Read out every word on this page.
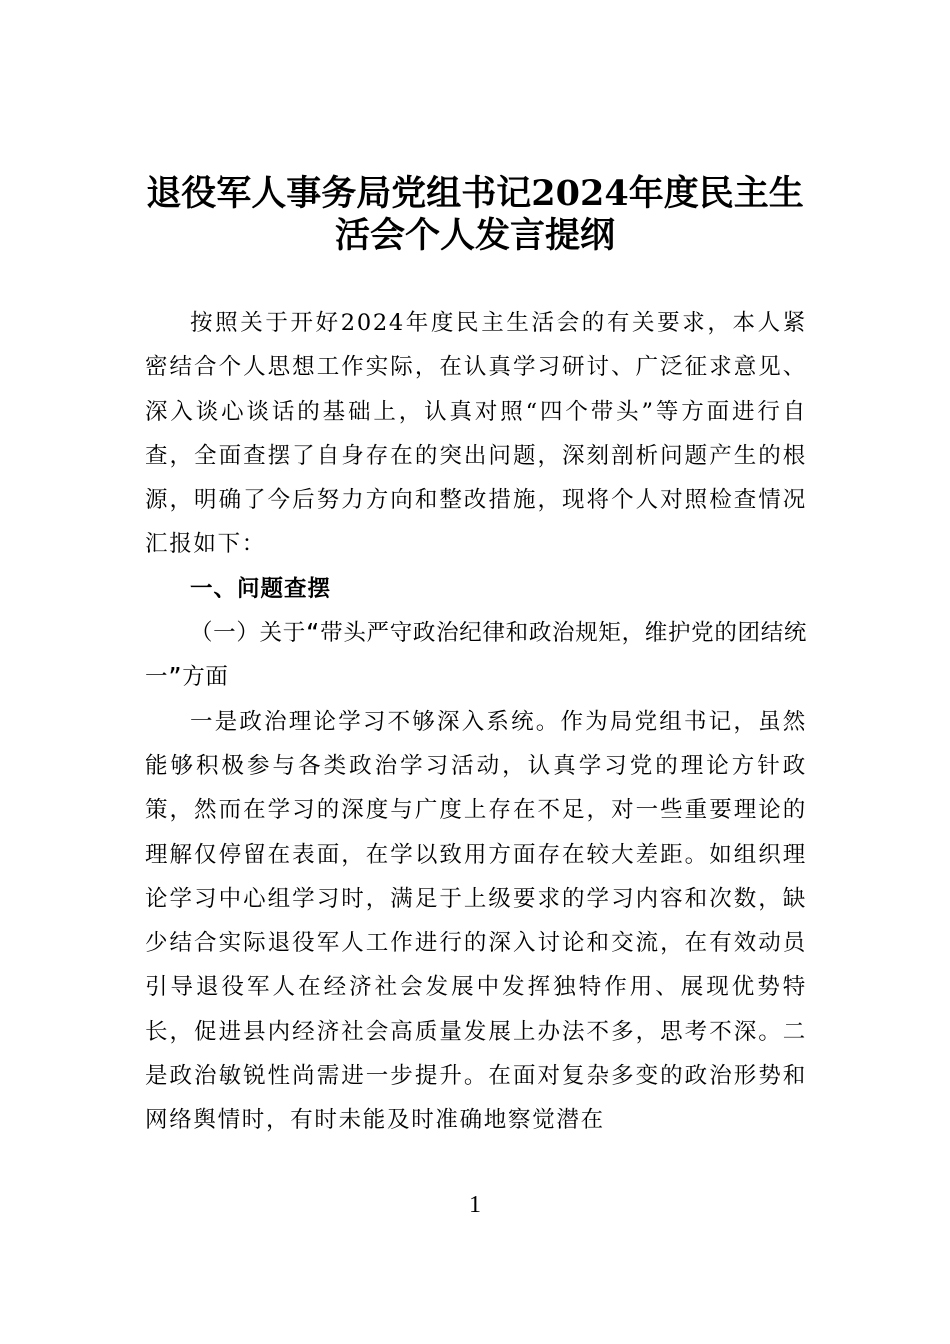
退役军人事务局党组书记2024年度民主生
活会个人发言提纲

按照关于开好2024年度民主生活会的有关要求，本人紧密结合个人思想工作实际，在认真学习研讨、广泛征求意见、深入谈心谈话的基础上，认真对照“四个带头”等方面进行自查，全面查摆了自身存在的突出问题，深刻剖析问题产生的根源，明确了今后努力方向和整改措施，现将个人对照检查情况汇报如下：

一、问题查摆

（一）关于“带头严守政治纪律和政治规矩，维护党的团结统一”方面

一是政治理论学习不够深入系统。作为局党组书记，虽然能够积极参与各类政治学习活动，认真学习党的理论方针政策，然而在学习的深度与广度上存在不足，对一些重要理论的理解仅停留在表面，在学以致用方面存在较大差距。如组织理论学习中心组学习时，满足于上级要求的学习内容和次数，缺少结合实际退役军人工作进行的深入讨论和交流，在有效动员引导退役军人在经济社会发展中发挥独特作用、展现优势特长，促进县内经济社会高质量发展上办法不多，思考不深。二是政治敏锐性尚需进一步提升。在面对复杂多变的政治形势和网络舆情时，有时未能及时准确地察觉潜在

1
